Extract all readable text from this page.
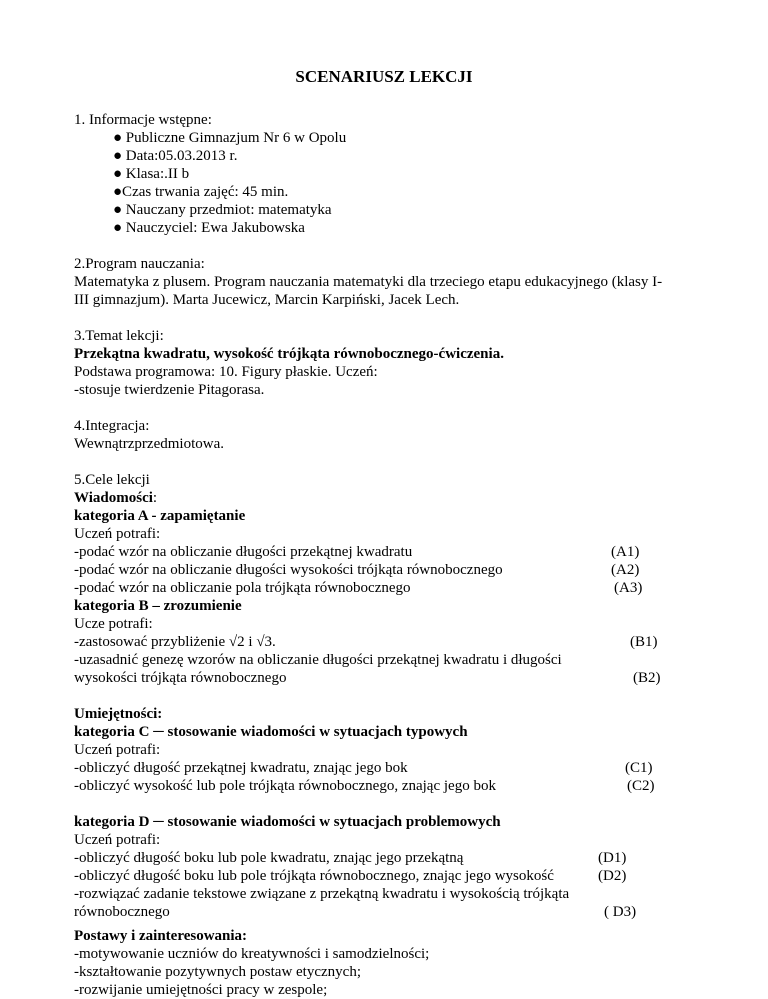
SCENARIUSZ LEKCJI
1. Informacje wstępne:
● Publiczne Gimnazjum Nr 6 w Opolu
● Data:05.03.2013 r.
● Klasa:.II b
●Czas trwania zajęć: 45 min.
● Nauczany przedmiot: matematyka
● Nauczyciel: Ewa Jakubowska
2.Program nauczania:
Matematyka z plusem. Program nauczania matematyki dla trzeciego etapu edukacyjnego (klasy I-
III gimnazjum). Marta Jucewicz, Marcin Karpiński, Jacek Lech.
3.Temat lekcji:
Przekątna kwadratu, wysokość trójkąta równobocznego-ćwiczenia.
Podstawa programowa: 10. Figury płaskie. Uczeń:
-stosuje twierdzenie Pitagorasa.
4.Integracja:
Wewnątrzprzedmiotowa.
5.Cele lekcji
Wiadomości:
kategoria A - zapamiętanie
Uczeń potrafi:
-podać wzór na obliczanie długości przekątnej kwadratu	(A1)
-podać wzór na obliczanie długości wysokości trójkąta równobocznego	(A2)
-podać wzór na obliczanie pola trójkąta równobocznego	(A3)
kategoria B – zrozumienie
Ucze potrafi:
-zastosować przybliżenie √2 i √3.	(B1)
-uzasadnić genezę wzorów na obliczanie długości przekątnej kwadratu i długości
wysokości trójkąta równobocznego	(B2)
Umiejętności:
kategoria C ─ stosowanie wiadomości w sytuacjach typowych
Uczeń potrafi:
-obliczyć długość przekątnej kwadratu, znając jego bok	(C1)
-obliczyć wysokość lub pole trójkąta równobocznego, znając jego bok	(C2)
kategoria D ─ stosowanie wiadomości w sytuacjach problemowych
Uczeń potrafi:
-obliczyć długość boku lub pole kwadratu, znając jego przekątną	(D1)
-obliczyć długość boku lub pole trójkąta równobocznego, znając jego wysokość	(D2)
-rozwiązać zadanie tekstowe związane z przekątną kwadratu i wysokością trójkąta
równobocznego	( D3)
Postawy i zainteresowania:
-motywowanie uczniów do kreatywności i samodzielności;
-kształtowanie pozytywnych postaw etycznych;
-rozwijanie umiejętności pracy w zespole;
